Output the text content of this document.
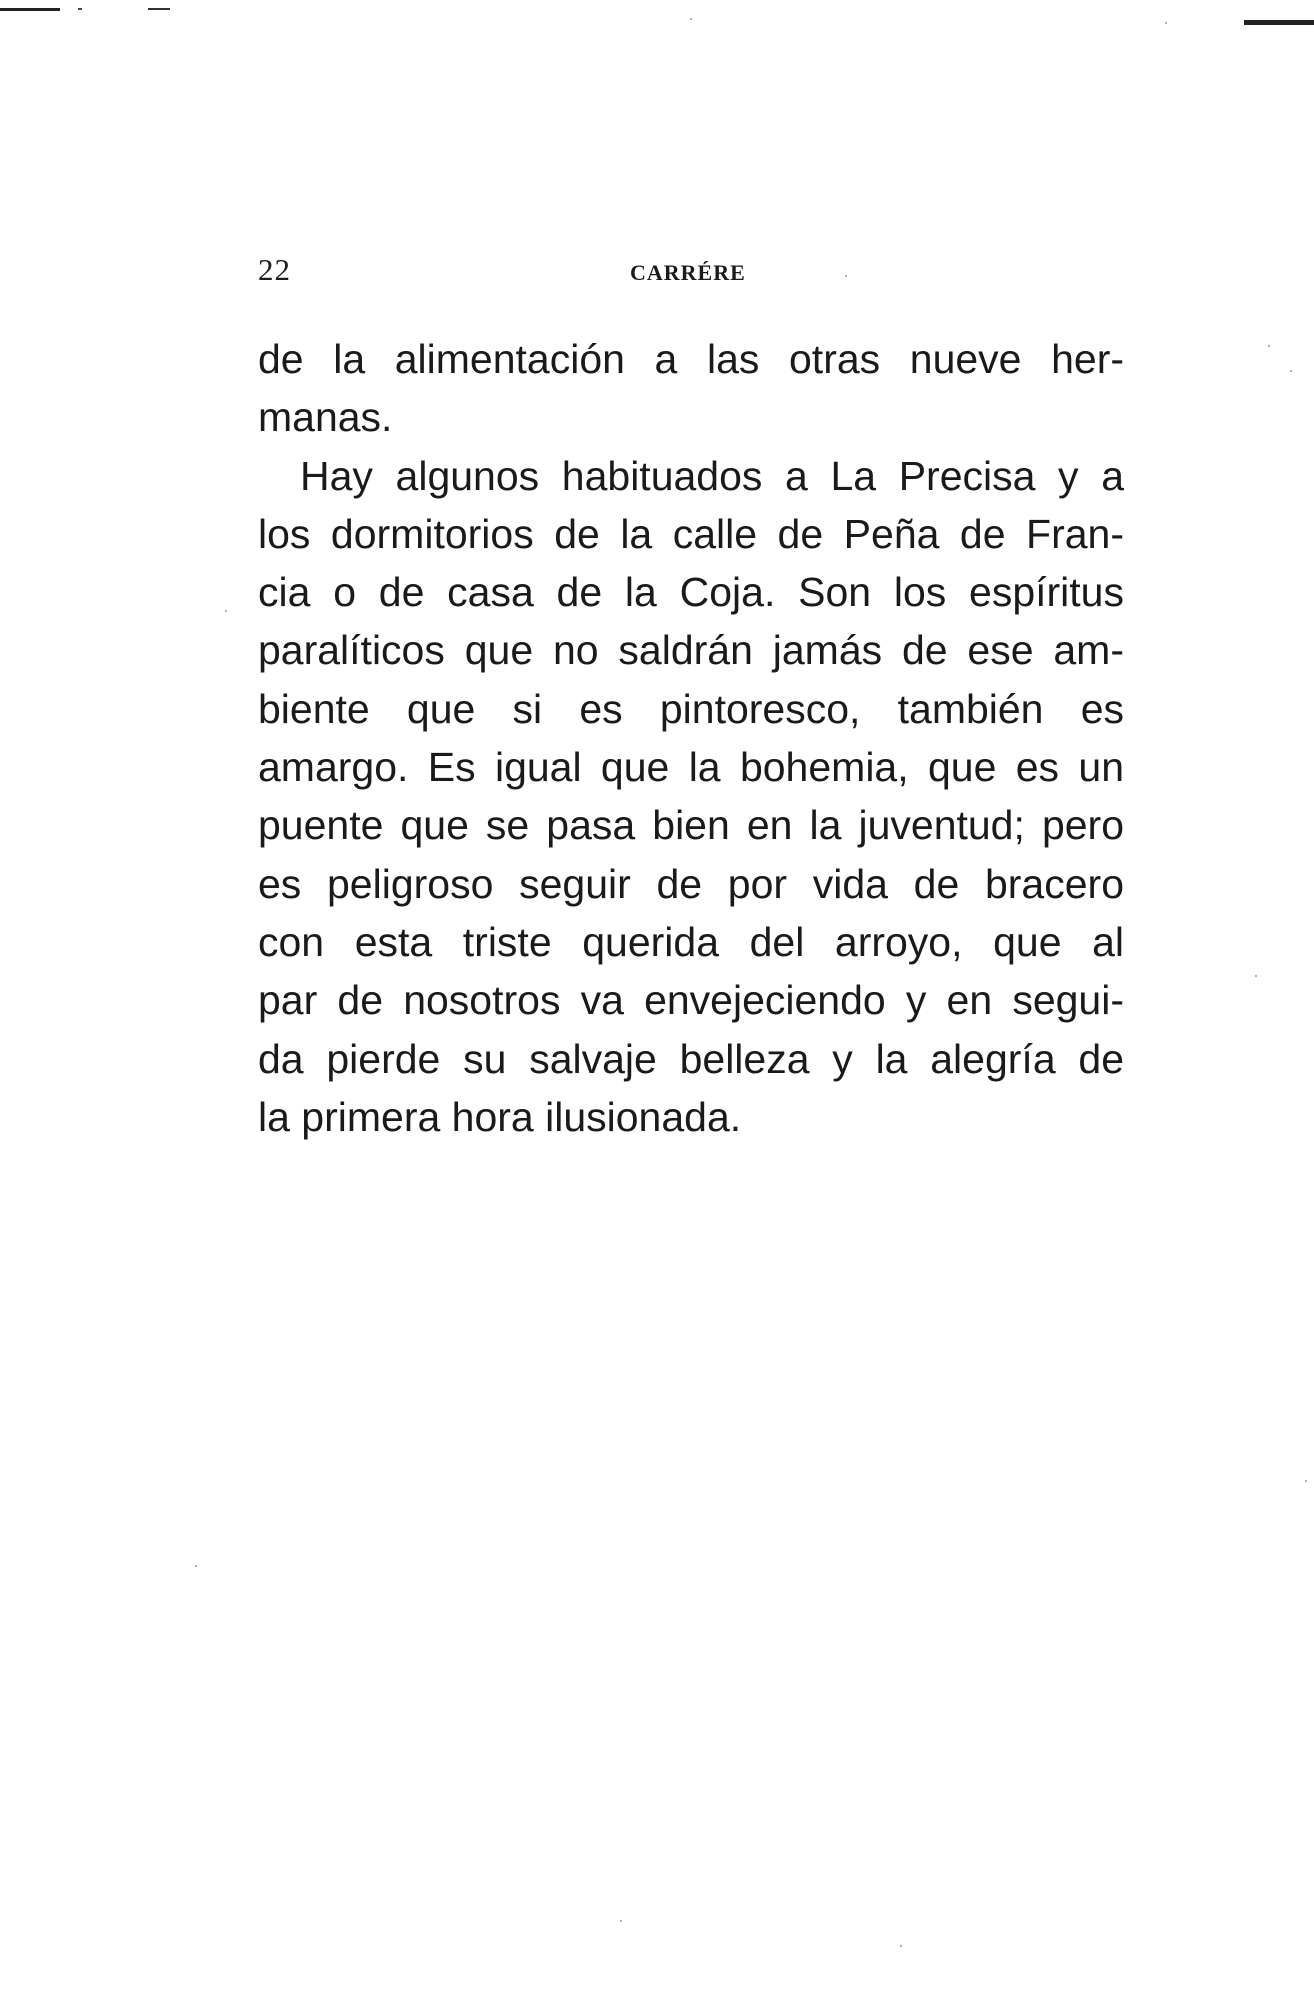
22	CARRÉRE

de la alimentación a las otras nueve her-
manas.

Hay algunos habituados a La Precisa y a
los dormitorios de la calle de Peña de Fran-
cia o de casa de la Coja. Son los espíritus
paralíticos que no saldrán jamás de ese am-
biente que si es pintoresco, también es
amargo. Es igual que la bohemia, que es un
puente que se pasa bien en la juventud; pero
es peligroso seguir de por vida de bracero
con esta triste querida del arroyo, que al
par de nosotros va envejeciendo y en segui-
da pierde su salvaje belleza y la alegría de
la primera hora ilusionada.
